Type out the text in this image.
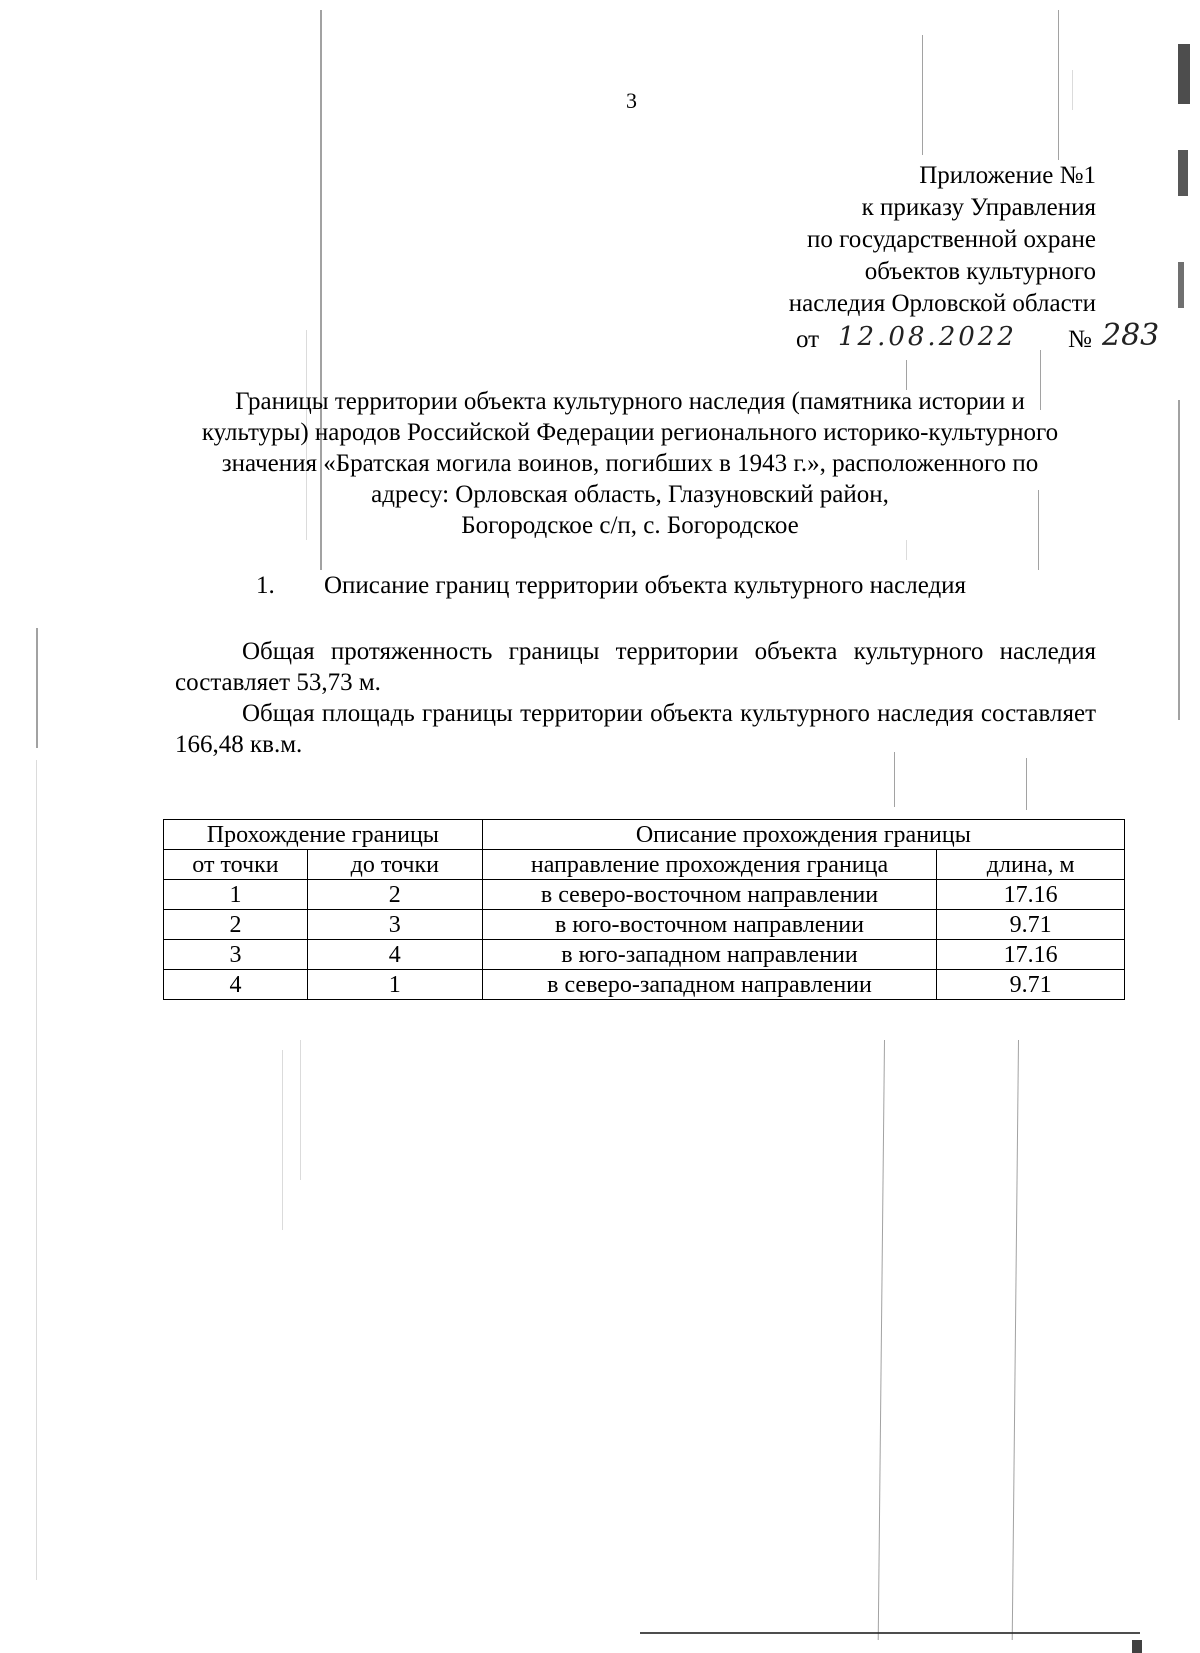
3
Приложение №1
к приказу Управления
по государственной охране
объектов культурного
наследия Орловской области
от 12.08.2022 № 283
Границы территории объекта культурного наследия (памятника истории и
культуры) народов Российской Федерации регионального историко-культурного
значения «Братская могила воинов, погибших в 1943 г.», расположенного по
адресу: Орловская область, Глазуновский район,
Богородское с/п, с. Богородское
1. Описание границ территории объекта культурного наследия
Общая протяженность границы территории объекта культурного наследия составляет 53,73 м.
Общая площадь границы территории объекта культурного наследия составляет 166,48 кв.м.
Прохождение границы		Описание прохождения границы	
от точки	до точки	направление прохождения граница	длина, м
1	2	в северо-восточном направлении	17.16
2	3	в юго-восточном направлении	9.71
3	4	в юго-западном направлении	17.16
4	1	в северо-западном направлении	9.71
